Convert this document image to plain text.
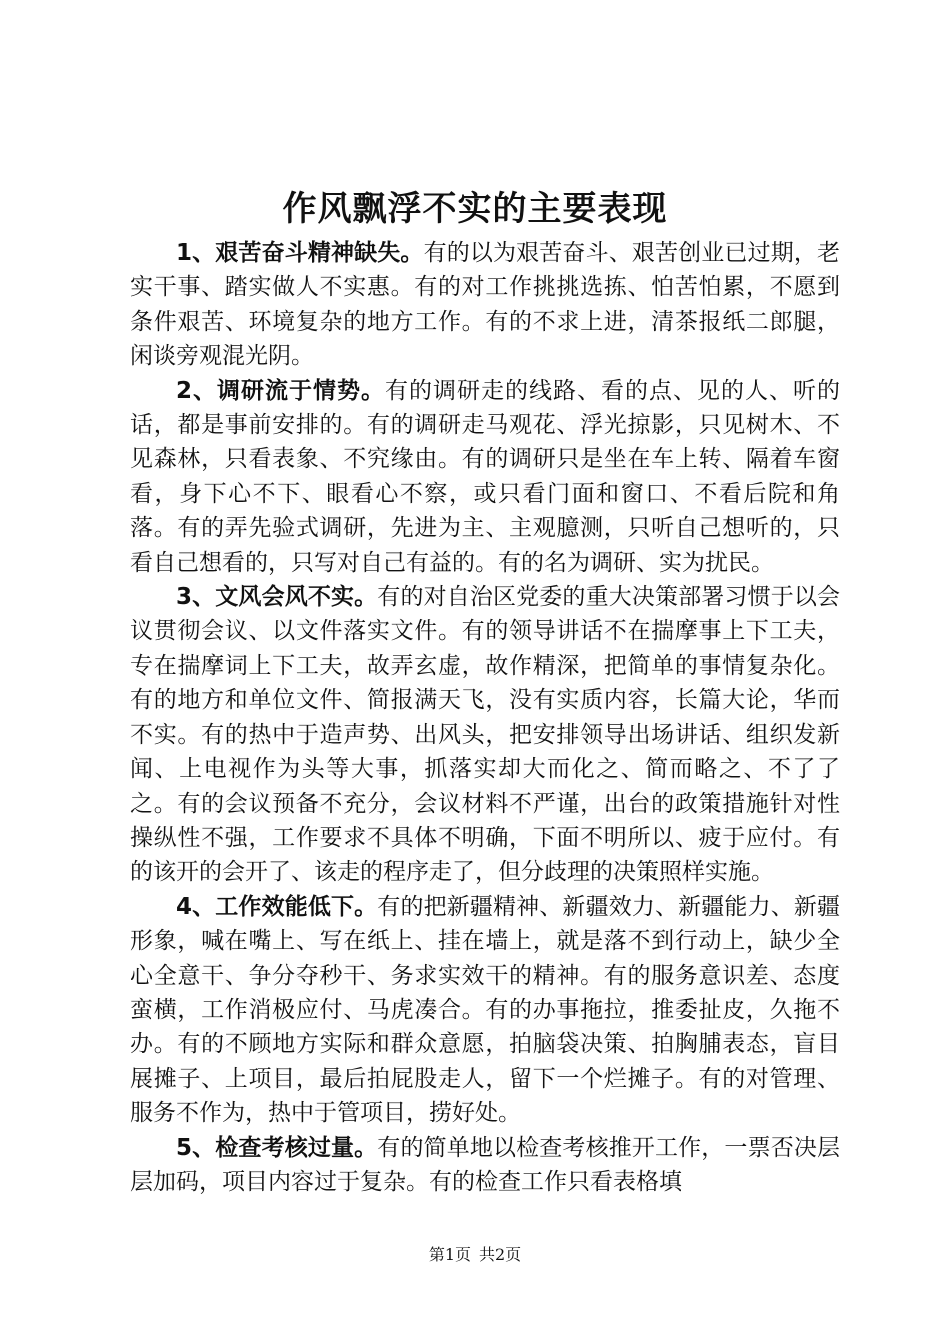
作风飘浮不实的主要表现

1、艰苦奋斗精神缺失。有的以为艰苦奋斗、艰苦创业已过期，老实干事、踏实做人不实惠。有的对工作挑挑选拣、怕苦怕累，不愿到条件艰苦、环境复杂的地方工作。有的不求上进，清茶报纸二郎腿，闲谈旁观混光阴。

2、调研流于情势。有的调研走的线路、看的点、见的人、听的话，都是事前安排的。有的调研走马观花、浮光掠影，只见树木、不见森林，只看表象、不究缘由。有的调研只是坐在车上转、隔着车窗看，身下心不下、眼看心不察，或只看门面和窗口、不看后院和角落。有的弄先验式调研，先进为主、主观臆测，只听自己想听的，只看自己想看的，只写对自己有益的。有的名为调研、实为扰民。

3、文风会风不实。有的对自治区党委的重大决策部署习惯于以会议贯彻会议、以文件落实文件。有的领导讲话不在揣摩事上下工夫，专在揣摩词上下工夫，故弄玄虚，故作精深，把简单的事情复杂化。有的地方和单位文件、简报满天飞，没有实质内容，长篇大论，华而不实。有的热中于造声势、出风头，把安排领导出场讲话、组织发新闻、上电视作为头等大事，抓落实却大而化之、简而略之、不了了之。有的会议预备不充分，会议材料不严谨，出台的政策措施针对性操纵性不强，工作要求不具体不明确，下面不明所以、疲于应付。有的该开的会开了、该走的程序走了，但分歧理的决策照样实施。

4、工作效能低下。有的把新疆精神、新疆效力、新疆能力、新疆形象，喊在嘴上、写在纸上、挂在墙上，就是落不到行动上，缺少全心全意干、争分夺秒干、务求实效干的精神。有的服务意识差、态度蛮横，工作消极应付、马虎凑合。有的办事拖拉，推委扯皮，久拖不办。有的不顾地方实际和群众意愿，拍脑袋决策、拍胸脯表态，盲目展摊子、上项目，最后拍屁股走人，留下一个烂摊子。有的对管理、服务不作为，热中于管项目，捞好处。

5、检查考核过量。有的简单地以检查考核推开工作，一票否决层层加码，项目内容过于复杂。有的检查工作只看表格填

第1页 共2页
